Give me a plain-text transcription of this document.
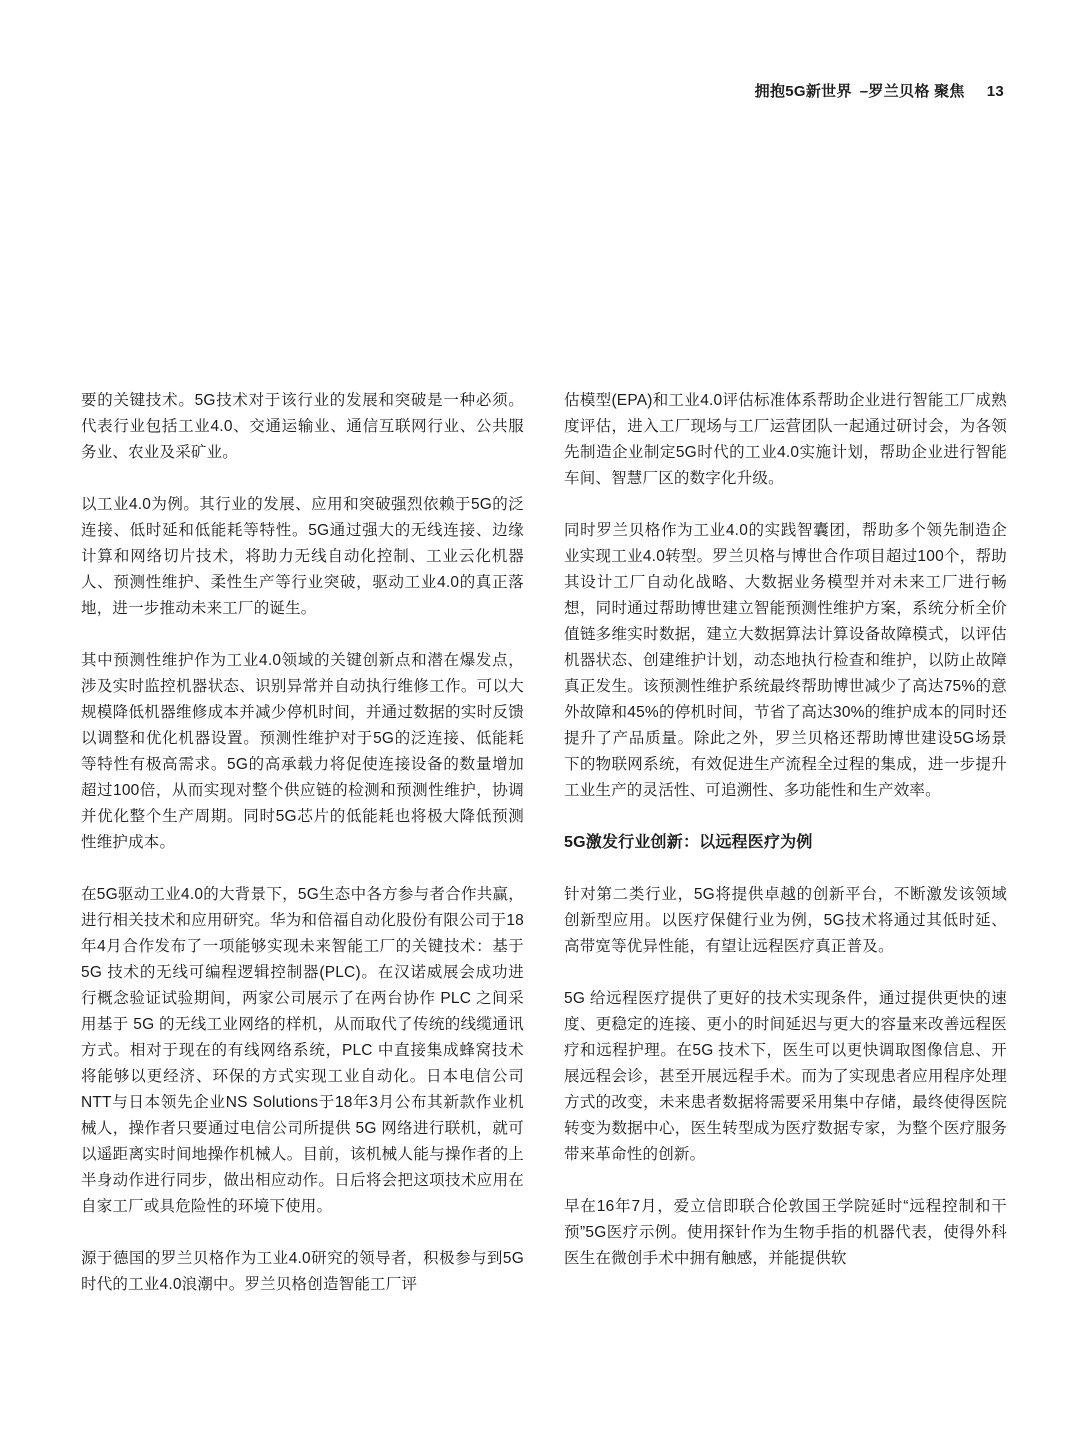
拥抱5G新世界 –罗兰贝格 聚焦 13

要的关键技术。5G技术对于该行业的发展和突破是一种必须。代表行业包括工业4.0、交通运输业、通信互联网行业、公共服务业、农业及采矿业。

以工业4.0为例。其行业的发展、应用和突破强烈依赖于5G的泛连接、低时延和低能耗等特性。5G通过强大的无线连接、边缘计算和网络切片技术，将助力无线自动化控制、工业云化机器人、预测性维护、柔性生产等行业突破，驱动工业4.0的真正落地，进一步推动未来工厂的诞生。

其中预测性维护作为工业4.0领域的关键创新点和潜在爆发点，涉及实时监控机器状态、识别异常并自动执行维修工作。可以大规模降低机器维修成本并减少停机时间，并通过数据的实时反馈以调整和优化机器设置。预测性维护对于5G的泛连接、低能耗等特性有极高需求。5G的高承载力将促使连接设备的数量增加超过100倍，从而实现对整个供应链的检测和预测性维护，协调并优化整个生产周期。同时5G芯片的低能耗也将极大降低预测性维护成本。

在5G驱动工业4.0的大背景下，5G生态中各方参与者合作共赢，进行相关技术和应用研究。华为和倍福自动化股份有限公司于18年4月合作发布了一项能够实现未来智能工厂的关键技术：基于 5G 技术的无线可编程逻辑控制器(PLC)。在汉诺威展会成功进行概念验证试验期间，两家公司展示了在两台协作 PLC 之间采用基于 5G 的无线工业网络的样机，从而取代了传统的线缆通讯方式。相对于现在的有线网络系统，PLC 中直接集成蜂窝技术将能够以更经济、环保的方式实现工业自动化。日本电信公司NTT与日本领先企业NS Solutions于18年3月公布其新款作业机械人，操作者只要通过电信公司所提供 5G 网络进行联机，就可以遥距离实时间地操作机械人。目前，该机械人能与操作者的上半身动作进行同步，做出相应动作。日后将会把这项技术应用在自家工厂或具危险性的环境下使用。

源于德国的罗兰贝格作为工业4.0研究的领导者，积极参与到5G时代的工业4.0浪潮中。罗兰贝格创造智能工厂评

估模型(EPA)和工业4.0评估标准体系帮助企业进行智能工厂成熟度评估，进入工厂现场与工厂运营团队一起通过研讨会，为各领先制造企业制定5G时代的工业4.0实施计划，帮助企业进行智能车间、智慧厂区的数字化升级。

同时罗兰贝格作为工业4.0的实践智囊团，帮助多个领先制造企业实现工业4.0转型。罗兰贝格与博世合作项目超过100个，帮助其设计工厂自动化战略、大数据业务模型并对未来工厂进行畅想，同时通过帮助博世建立智能预测性维护方案，系统分析全价值链多维实时数据，建立大数据算法计算设备故障模式，以评估机器状态、创建维护计划，动态地执行检查和维护，以防止故障真正发生。该预测性维护系统最终帮助博世减少了高达75%的意外故障和45%的停机时间，节省了高达30%的维护成本的同时还提升了产品质量。除此之外，罗兰贝格还帮助博世建设5G场景下的物联网系统，有效促进生产流程全过程的集成，进一步提升工业生产的灵活性、可追溯性、多功能性和生产效率。

5G激发行业创新：以远程医疗为例

针对第二类行业，5G将提供卓越的创新平台，不断激发该领域创新型应用。以医疗保健行业为例，5G技术将通过其低时延、高带宽等优异性能，有望让远程医疗真正普及。

5G 给远程医疗提供了更好的技术实现条件，通过提供更快的速度、更稳定的连接、更小的时间延迟与更大的容量来改善远程医疗和远程护理。在5G 技术下，医生可以更快调取图像信息、开展远程会诊，甚至开展远程手术。而为了实现患者应用程序处理方式的改变，未来患者数据将需要采用集中存储，最终使得医院转变为数据中心，医生转型成为医疗数据专家，为整个医疗服务带来革命性的创新。

早在16年7月，爱立信即联合伦敦国王学院延时“远程控制和干预”5G医疗示例。使用探针作为生物手指的机器代表，使得外科医生在微创手术中拥有触感，并能提供软
